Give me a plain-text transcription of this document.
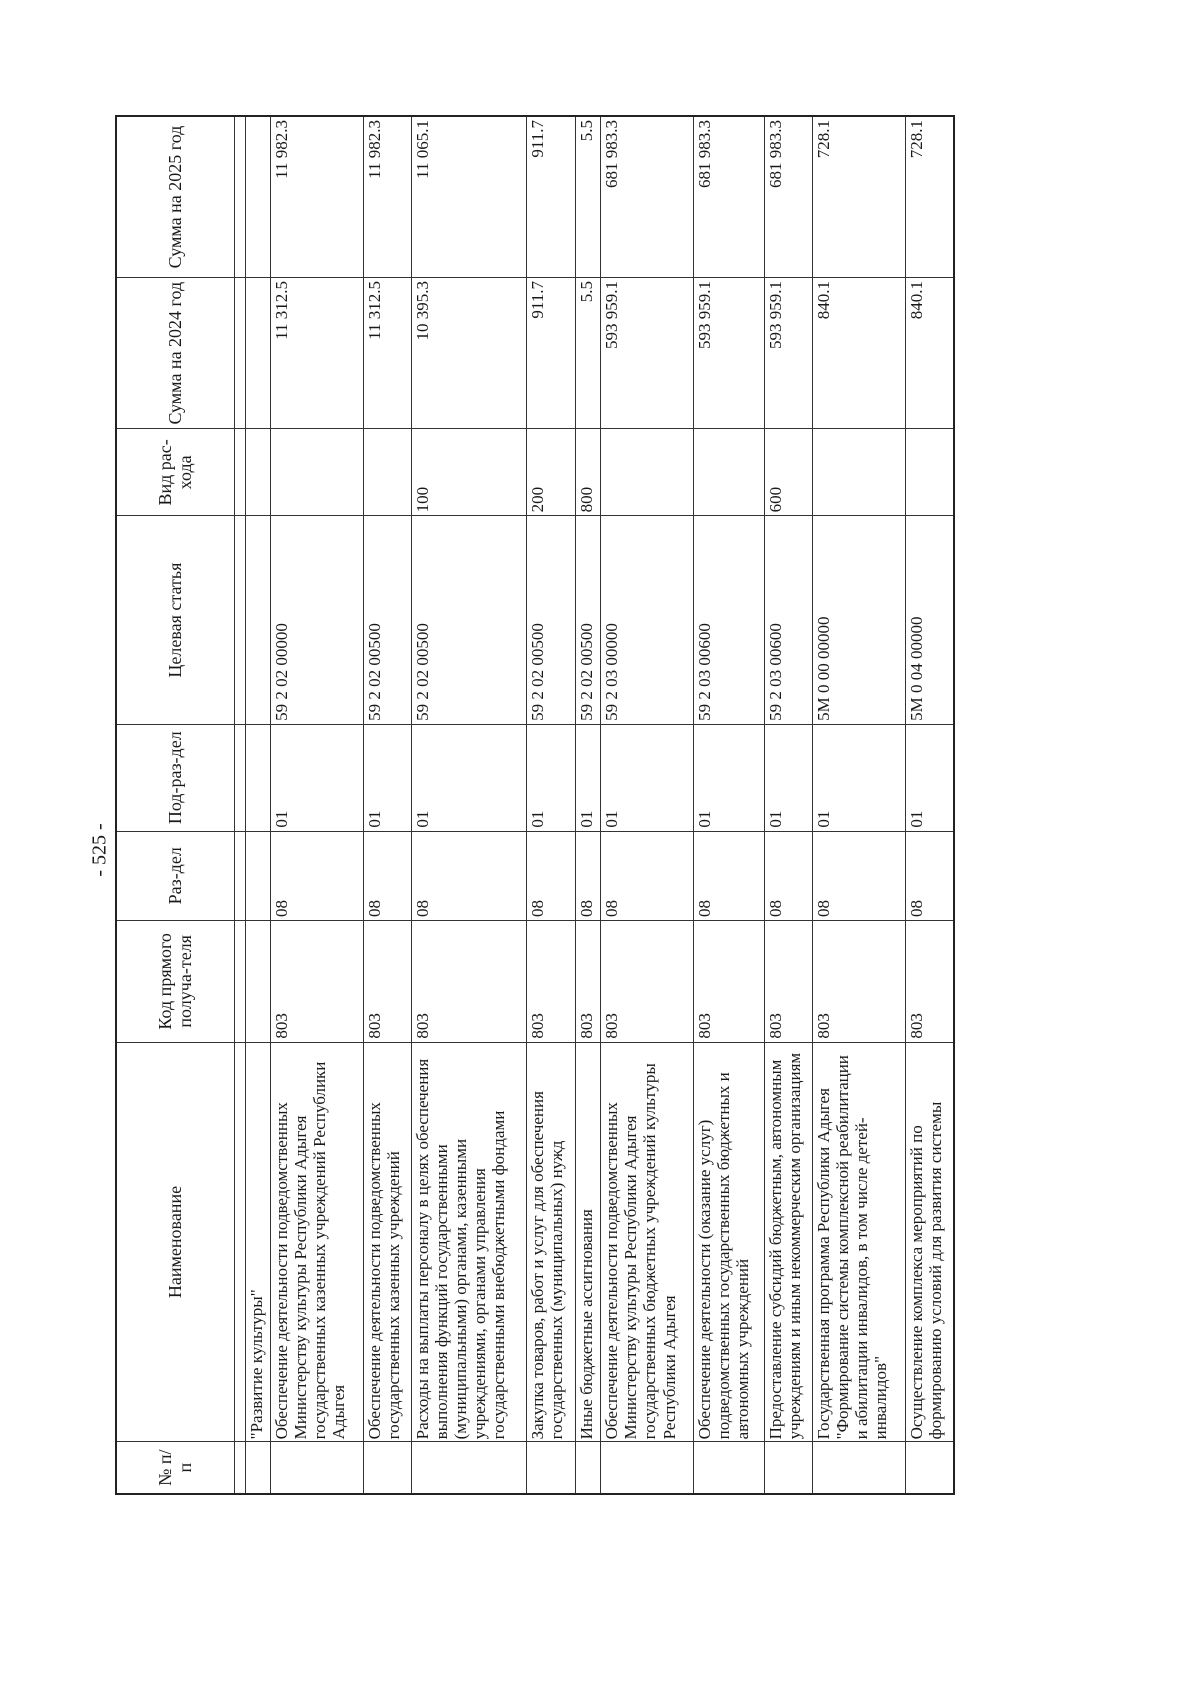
- 525 -
№ п/п	Наименование	Код прямого получа-теля	Раз-дел	Под-раз-дел	Целевая статья	Вид рас-хода	Сумма на 2024 год	Сумма на 2025 год

	"Развитие культуры"							
	Обеспечение деятельности подведомственных Министерству культуры Республики Адыгея государственных казенных учреждений Республики Адыгея	803	08	01	59 2 02 00000		11 312.5	11 982.3
	Обеспечение деятельности подведомственных государственных казенных учреждений	803	08	01	59 2 02 00500		11 312.5	11 982.3
	Расходы на выплаты персоналу в целях обеспечения выполнения функций государственными (муниципальными) органами, казенными учреждениями, органами управления государственными внебюджетными фондами	803	08	01	59 2 02 00500	100	10 395.3	11 065.1
	Закупка товаров, работ и услуг для обеспечения государственных (муниципальных) нужд	803	08	01	59 2 02 00500	200	911.7	911.7
	Иные бюджетные ассигнования	803	08	01	59 2 02 00500	800	5.5	5.5
	Обеспечение деятельности подведомственных Министерству культуры Республики Адыгея государственных бюджетных учреждений культуры Республики Адыгея	803	08	01	59 2 03 00000		593 959.1	681 983.3
	Обеспечение деятельности (оказание услуг) подведомственных государственных бюджетных и автономных учреждений	803	08	01	59 2 03 00600		593 959.1	681 983.3
	Предоставление субсидий бюджетным, автономным учреждениям и иным некоммерческим организациям	803	08	01	59 2 03 00600	600	593 959.1	681 983.3
	Государственная программа Республики Адыгея "Формирование системы комплексной реабилитации и абилитации инвалидов, в том числе детей-инвалидов"	803	08	01	5M 0 00 00000		840.1	728.1
	Осуществление комплекса мероприятий по формированию условий для развития системы	803	08	01	5M 0 04 00000		840.1	728.1
